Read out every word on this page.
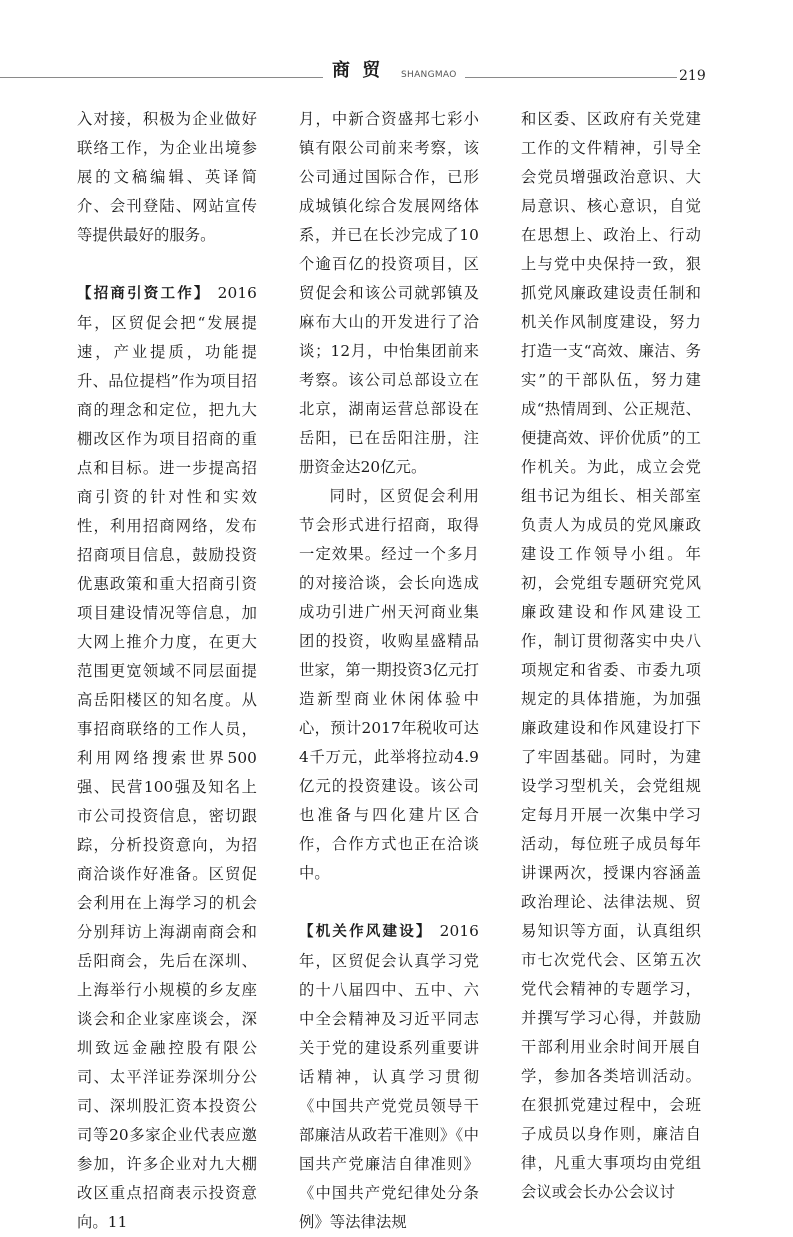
商 贸 SHANGMAO	219

入对接，积极为企业做好联络工作，为企业出境参展的文稿编辑、英译简介、会刊登陆、网站宣传等提供最好的服务。

【招商引资工作】 2016年，区贸促会把“发展提速，产业提质，功能提升、品位提档”作为项目招商的理念和定位，把九大棚改区作为项目招商的重点和目标。进一步提高招商引资的针对性和实效性，利用招商网络，发布招商项目信息，鼓励投资优惠政策和重大招商引资项目建设情况等信息，加大网上推介力度，在更大范围更宽领域不同层面提高岳阳楼区的知名度。从事招商联络的工作人员，利用网络搜索世界500强、民营100强及知名上市公司投资信息，密切跟踪，分析投资意向，为招商洽谈作好准备。区贸促会利用在上海学习的机会分别拜访上海湖南商会和岳阳商会，先后在深圳、上海举行小规模的乡友座谈会和企业家座谈会，深圳致远金融控股有限公司、太平洋证券深圳分公司、深圳股汇资本投资公司等20多家企业代表应邀参加，许多企业对九大棚改区重点招商表示投资意向。11

月，中新合资盛邦七彩小镇有限公司前来考察，该公司通过国际合作，已形成城镇化综合发展网络体系，并已在长沙完成了10个逾百亿的投资项目，区贸促会和该公司就郭镇及麻布大山的开发进行了洽谈；12月，中怡集团前来考察。该公司总部设立在北京，湖南运营总部设在岳阳，已在岳阳注册，注册资金达20亿元。

同时，区贸促会利用节会形式进行招商，取得一定效果。经过一个多月的对接洽谈，会长向选成成功引进广州天河商业集团的投资，收购星盛精品世家，第一期投资3亿元打造新型商业休闲体验中心，预计2017年税收可达4千万元，此举将拉动4.9亿元的投资建设。该公司也准备与四化建片区合作，合作方式也正在洽谈中。

【机关作风建设】 2016年，区贸促会认真学习党的十八届四中、五中、六中全会精神及习近平同志关于党的建设系列重要讲话精神，认真学习贯彻《中国共产党党员领导干部廉洁从政若干准则》《中国共产党廉洁自律准则》《中国共产党纪律处分条例》等法律法规

和区委、区政府有关党建工作的文件精神，引导全会党员增强政治意识、大局意识、核心意识，自觉在思想上、政治上、行动上与党中央保持一致，狠抓党风廉政建设责任制和机关作风制度建设，努力打造一支“高效、廉洁、务实”的干部队伍，努力建成“热情周到、公正规范、便捷高效、评价优质”的工作机关。为此，成立会党组书记为组长、相关部室负责人为成员的党风廉政建设工作领导小组。年初，会党组专题研究党风廉政建设和作风建设工作，制订贯彻落实中央八项规定和省委、市委九项规定的具体措施，为加强廉政建设和作风建设打下了牢固基础。同时，为建设学习型机关，会党组规定每月开展一次集中学习活动，每位班子成员每年讲课两次，授课内容涵盖政治理论、法律法规、贸易知识等方面，认真组织市七次党代会、区第五次党代会精神的专题学习，并撰写学习心得，并鼓励干部利用业余时间开展自学，参加各类培训活动。在狠抓党建过程中，会班子成员以身作则，廉洁自律，凡重大事项均由党组会议或会长办公会议讨
